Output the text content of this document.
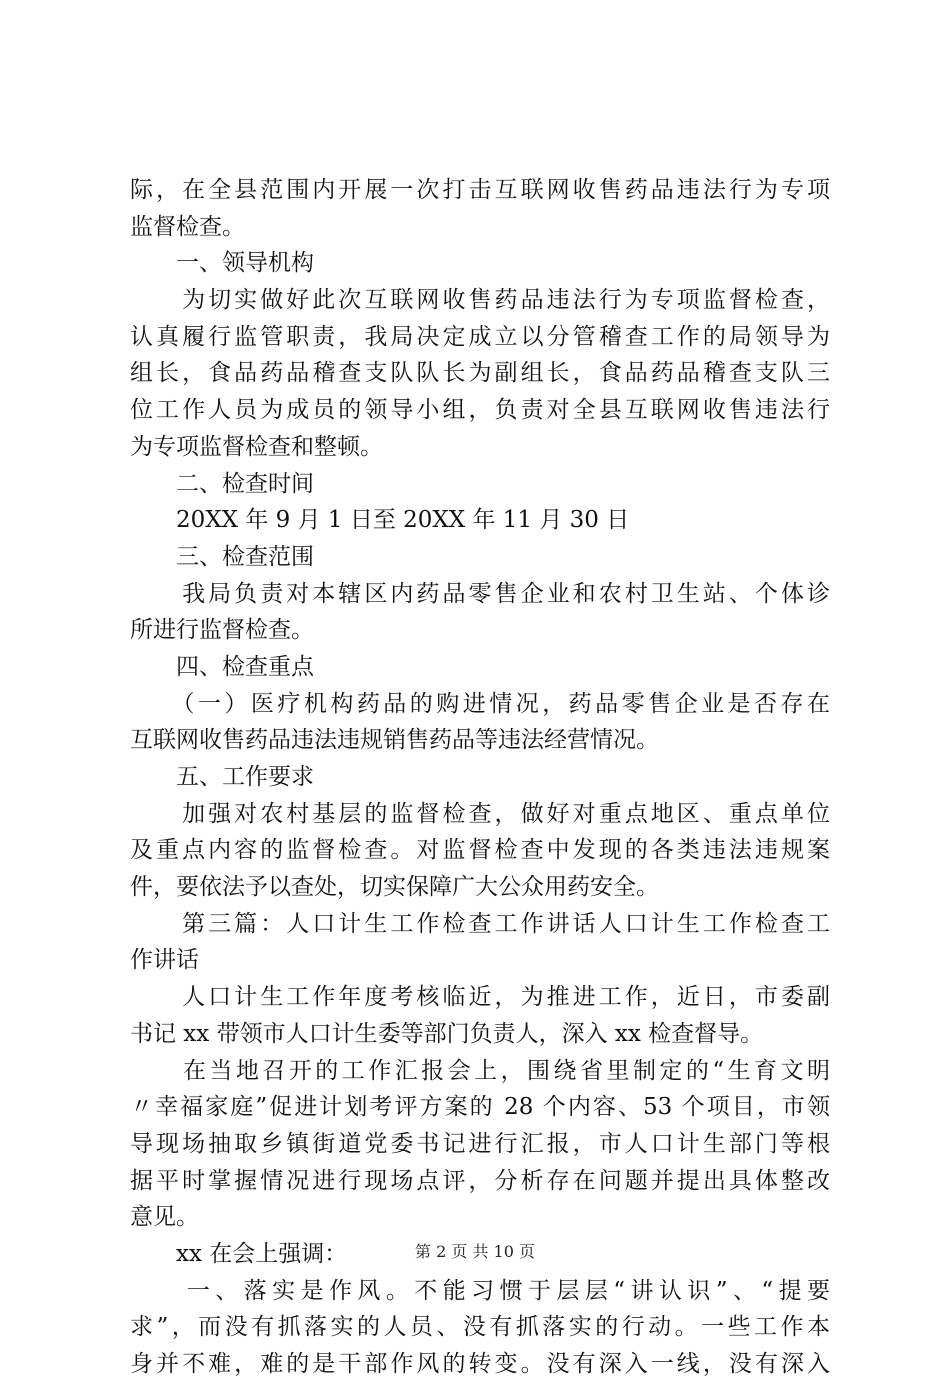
际，在全县范围内开展一次打击互联网收售药品违法行为专项
监督检查。
　　一、领导机构
　　为切实做好此次互联网收售药品违法行为专项监督检查，
认真履行监管职责，我局决定成立以分管稽查工作的局领导为
组长，食品药品稽查支队队长为副组长，食品药品稽查支队三
位工作人员为成员的领导小组，负责对全县互联网收售违法行
为专项监督检查和整顿。
　　二、检查时间
　　20XX 年 9 月 1 日至 20XX 年 11 月 30 日
　　三、检查范围
　　我局负责对本辖区内药品零售企业和农村卫生站、个体诊
所进行监督检查。
　　四、检查重点
　　（一）医疗机构药品的购进情况，药品零售企业是否存在
互联网收售药品违法违规销售药品等违法经营情况。
　　五、工作要求
　　加强对农村基层的监督检查，做好对重点地区、重点单位
及重点内容的监督检查。对监督检查中发现的各类违法违规案
件，要依法予以查处，切实保障广大公众用药安全。
　　第三篇：人口计生工作检查工作讲话人口计生工作检查工
作讲话
　　人口计生工作年度考核临近，为推进工作，近日，市委副
书记 xx 带领市人口计生委等部门负责人，深入 xx 检查督导。
　　在当地召开的工作汇报会上，围绕省里制定的“生育文明
〃幸福家庭”促进计划考评方案的 28 个内容、53 个项目，市领
导现场抽取乡镇街道党委书记进行汇报，市人口计生部门等根
据平时掌握情况进行现场点评，分析存在问题并提出具体整改
意见。
　　xx 在会上强调：
　　一、落实是作风。不能习惯于层层“讲认识”、“提要
求”，而没有抓落实的人员、没有抓落实的行动。一些工作本
身并不难，难的是干部作风的转变。没有深入一线，没有深入
第 2 页 共 10 页
